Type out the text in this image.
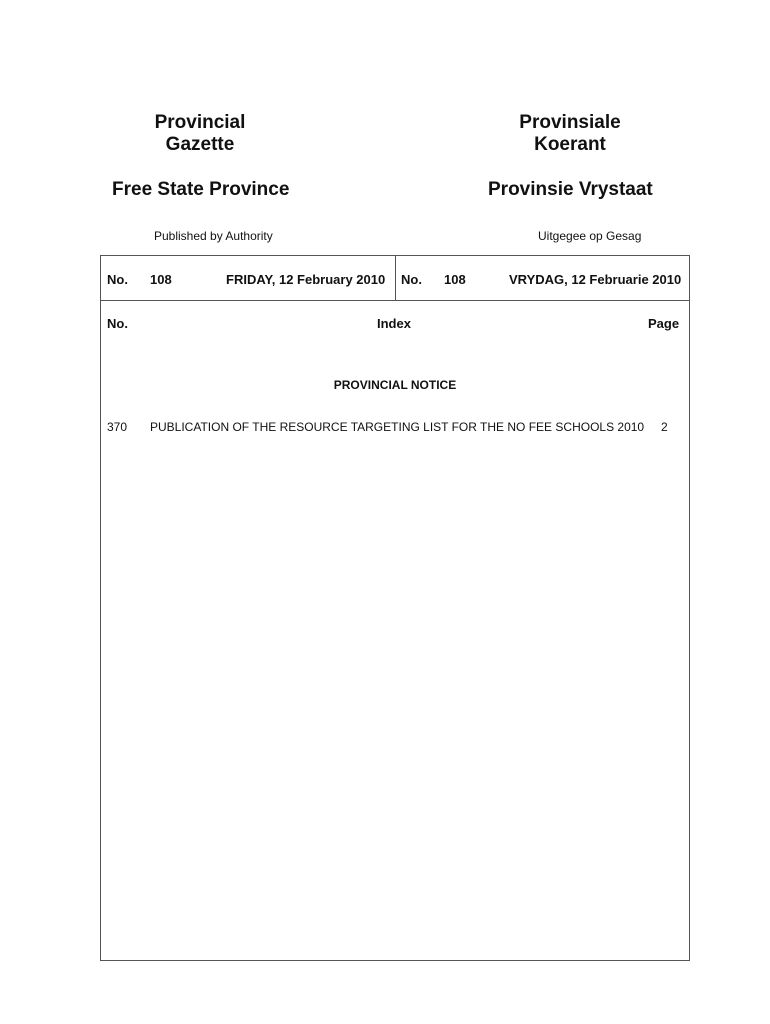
Provincial
Gazette
Provinsiale
Koerant
Free State Province	Provinsie Vrystaat
Published by Authority	Uitgegee op Gesag
No. 108	FRIDAY, 12 February 2010 No. 108	VRYDAG, 12 Februarie 2010
No.	Index	Page
PROVINCIAL NOTICE
370 PUBLICATION OF THE RESOURCE TARGETING LIST FOR THE NO FEE SCHOOLS 2010 2
